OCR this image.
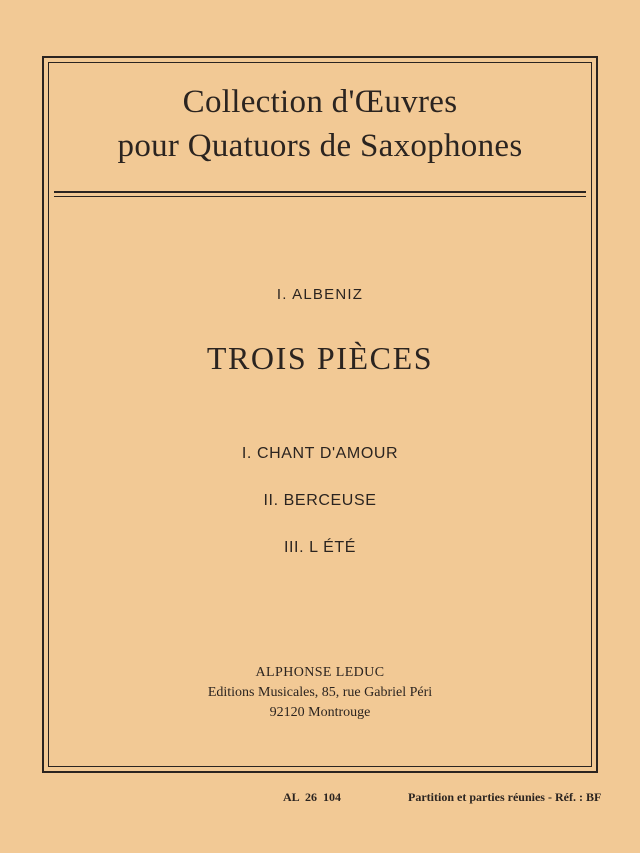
Collection d'Œuvres
pour Quatuors de Saxophones
I. ALBENIZ
TROIS PIÈCES
I. CHANT D'AMOUR
II. BERCEUSE
III. L ÉTÉ
ALPHONSE LEDUC
Editions Musicales, 85, rue Gabriel Péri
92120 Montrouge
AL 26 104	Partition et parties réunies - Réf. : BF
